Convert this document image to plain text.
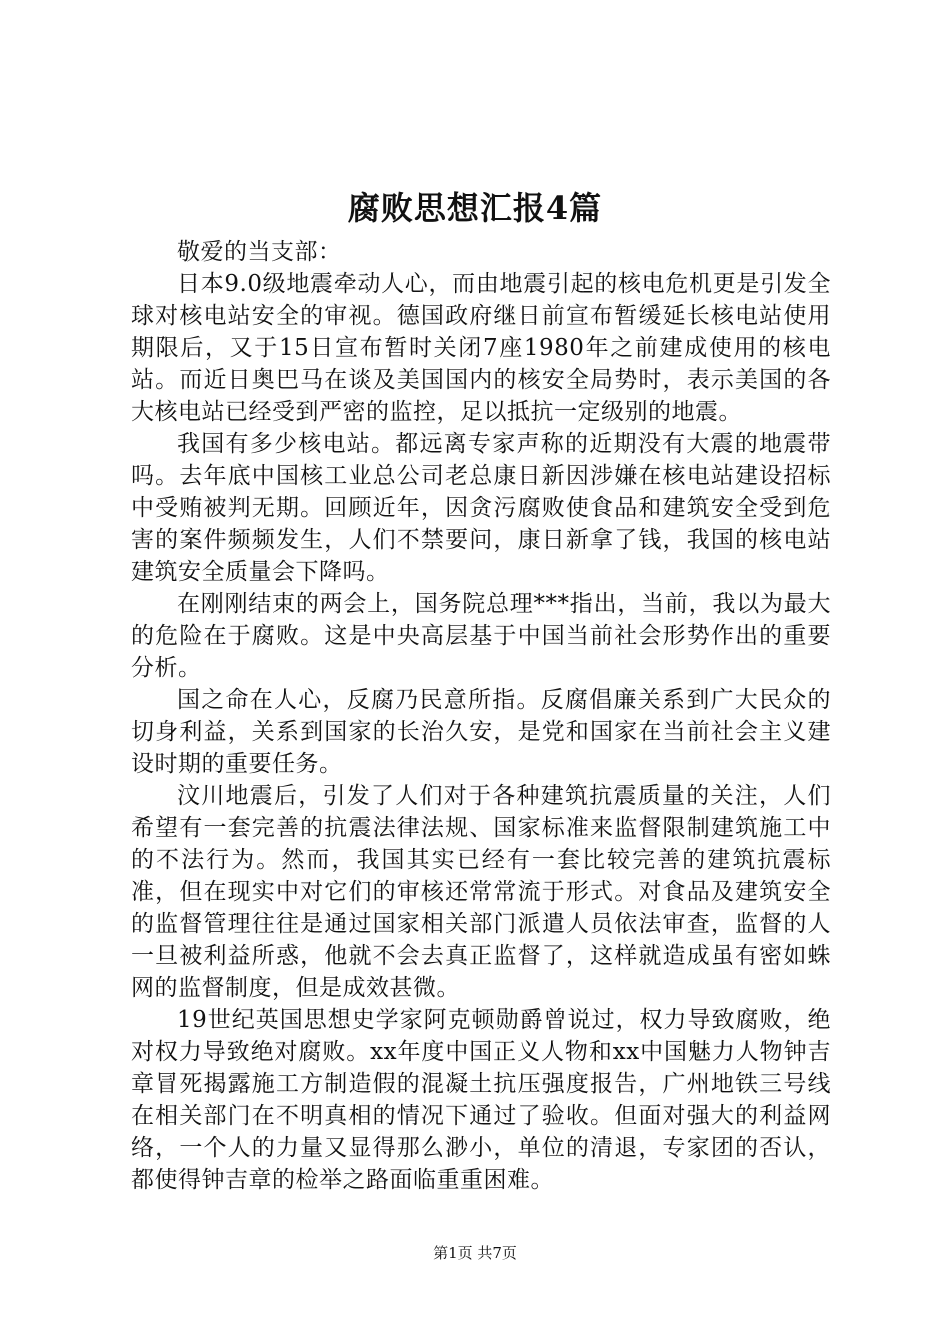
腐败思想汇报4篇

敬爱的当支部：

日本9.0级地震牵动人心，而由地震引起的核电危机更是引发全球对核电站安全的审视。德国政府继日前宣布暂缓延长核电站使用期限后，又于15日宣布暂时关闭7座1980年之前建成使用的核电站。而近日奥巴马在谈及美国国内的核安全局势时，表示美国的各大核电站已经受到严密的监控，足以抵抗一定级别的地震。

我国有多少核电站。都远离专家声称的近期没有大震的地震带吗。去年底中国核工业总公司老总康日新因涉嫌在核电站建设招标中受贿被判无期。回顾近年，因贪污腐败使食品和建筑安全受到危害的案件频频发生，人们不禁要问，康日新拿了钱，我国的核电站建筑安全质量会下降吗。

在刚刚结束的两会上，国务院总理***指出，当前，我以为最大的危险在于腐败。这是中央高层基于中国当前社会形势作出的重要分析。

国之命在人心，反腐乃民意所指。反腐倡廉关系到广大民众的切身利益，关系到国家的长治久安，是党和国家在当前社会主义建设时期的重要任务。

汶川地震后，引发了人们对于各种建筑抗震质量的关注，人们希望有一套完善的抗震法律法规、国家标准来监督限制建筑施工中的不法行为。然而，我国其实已经有一套比较完善的建筑抗震标准，但在现实中对它们的审核还常常流于形式。对食品及建筑安全的监督管理往往是通过国家相关部门派遣人员依法审查，监督的人一旦被利益所惑，他就不会去真正监督了，这样就造成虽有密如蛛网的监督制度，但是成效甚微。

19世纪英国思想史学家阿克顿勋爵曾说过，权力导致腐败，绝对权力导致绝对腐败。xx年度中国正义人物和xx中国魅力人物钟吉章冒死揭露施工方制造假的混凝土抗压强度报告，广州地铁三号线在相关部门在不明真相的情况下通过了验收。但面对强大的利益网络，一个人的力量又显得那么渺小，单位的清退，专家团的否认，都使得钟吉章的检举之路面临重重困难。

第1页 共7页
